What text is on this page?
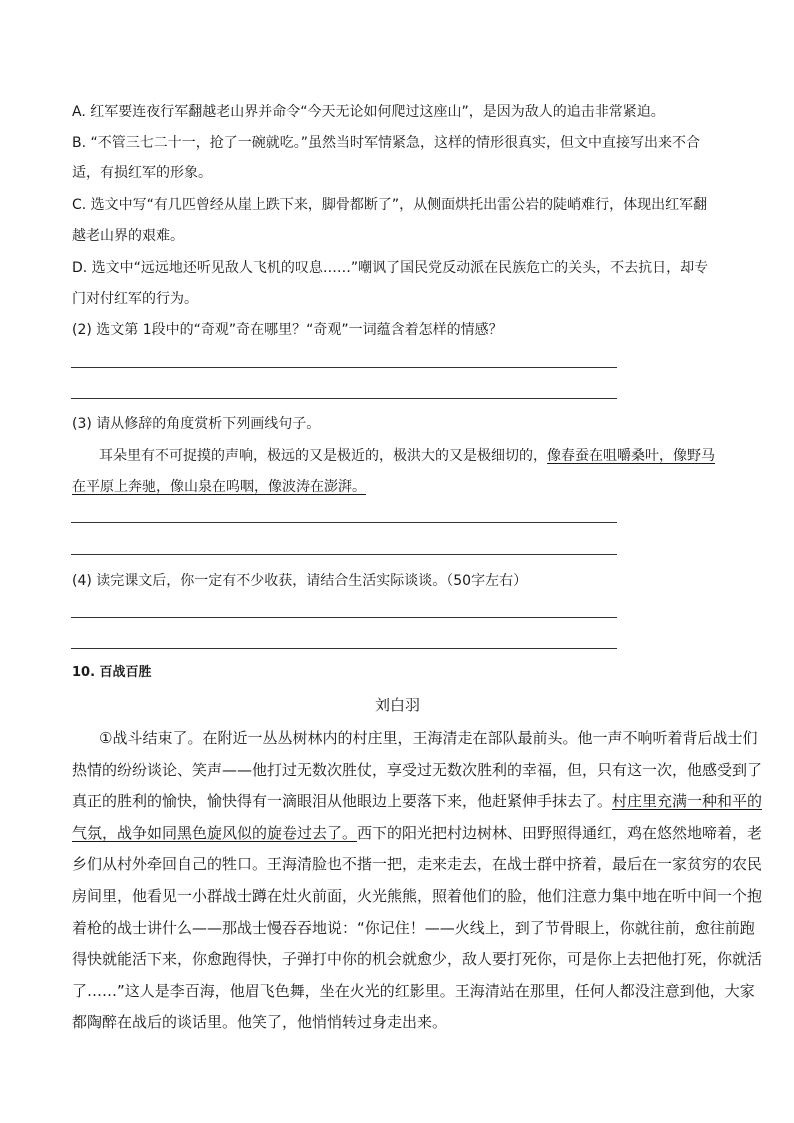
A. 红军要连夜行军翻越老山界并命令“今天无论如何爬过这座山”，是因为敌人的追击非常紧迫。
B. “不管三七二十一，抢了一碗就吃。”虽然当时军情紧急，这样的情形很真实，但文中直接写出来不合
适，有损红军的形象。
C. 选文中写“有几匹曾经从崖上跌下来，脚骨都断了”，从侧面烘托出雷公岩的陡峭难行，体现出红军翻
越老山界的艰难。
D. 选文中“远远地还听见敌人飞机的叹息……”嘲讽了国民党反动派在民族危亡的关头，不去抗日，却专
门对付红军的行为。
(2) 选文第 1段中的“奇观”奇在哪里？“奇观”一词蕴含着怎样的情感？
(3) 请从修辞的角度赏析下列画线句子。
耳朵里有不可捉摸的声响，极远的又是极近的，极洪大的又是极细切的，像春蚕在咀嚼桑叶，像野马
在平原上奔驰，像山泉在呜咽，像波涛在澎湃。
(4) 读完课文后，你一定有不少收获，请结合生活实际谈谈。（50字左右）
10. 百战百胜
刘白羽
①战斗结束了。在附近一丛丛树林内的村庄里，王海清走在部队最前头。他一声不响听着背后战士们
热情的纷纷谈论、笑声——他打过无数次胜仗，享受过无数次胜利的幸福，但，只有这一次，他感受到了
真正的胜利的愉快，愉快得有一滴眼泪从他眼边上要落下来，他赶紧伸手抹去了。村庄里充满一种和平的
气氛，战争如同黑色旋风似的旋卷过去了。西下的阳光把村边树林、田野照得通红，鸡在悠然地啼着，老
乡们从村外牵回自己的牲口。王海清脸也不揩一把，走来走去，在战士群中挤着，最后在一家贫穷的农民
房间里，他看见一小群战士蹲在灶火前面，火光熊熊，照着他们的脸，他们注意力集中地在听中间一个抱
着枪的战士讲什么——那战士慢吞吞地说：“你记住！——火线上，到了节骨眼上，你就往前，愈往前跑
得快就能活下来，你愈跑得快，子弹打中你的机会就愈少，敌人要打死你，可是你上去把他打死，你就活
了……”这人是李百海，他眉飞色舞，坐在火光的红影里。王海清站在那里，任何人都没注意到他，大家
都陶醉在战后的谈话里。他笑了，他悄悄转过身走出来。
